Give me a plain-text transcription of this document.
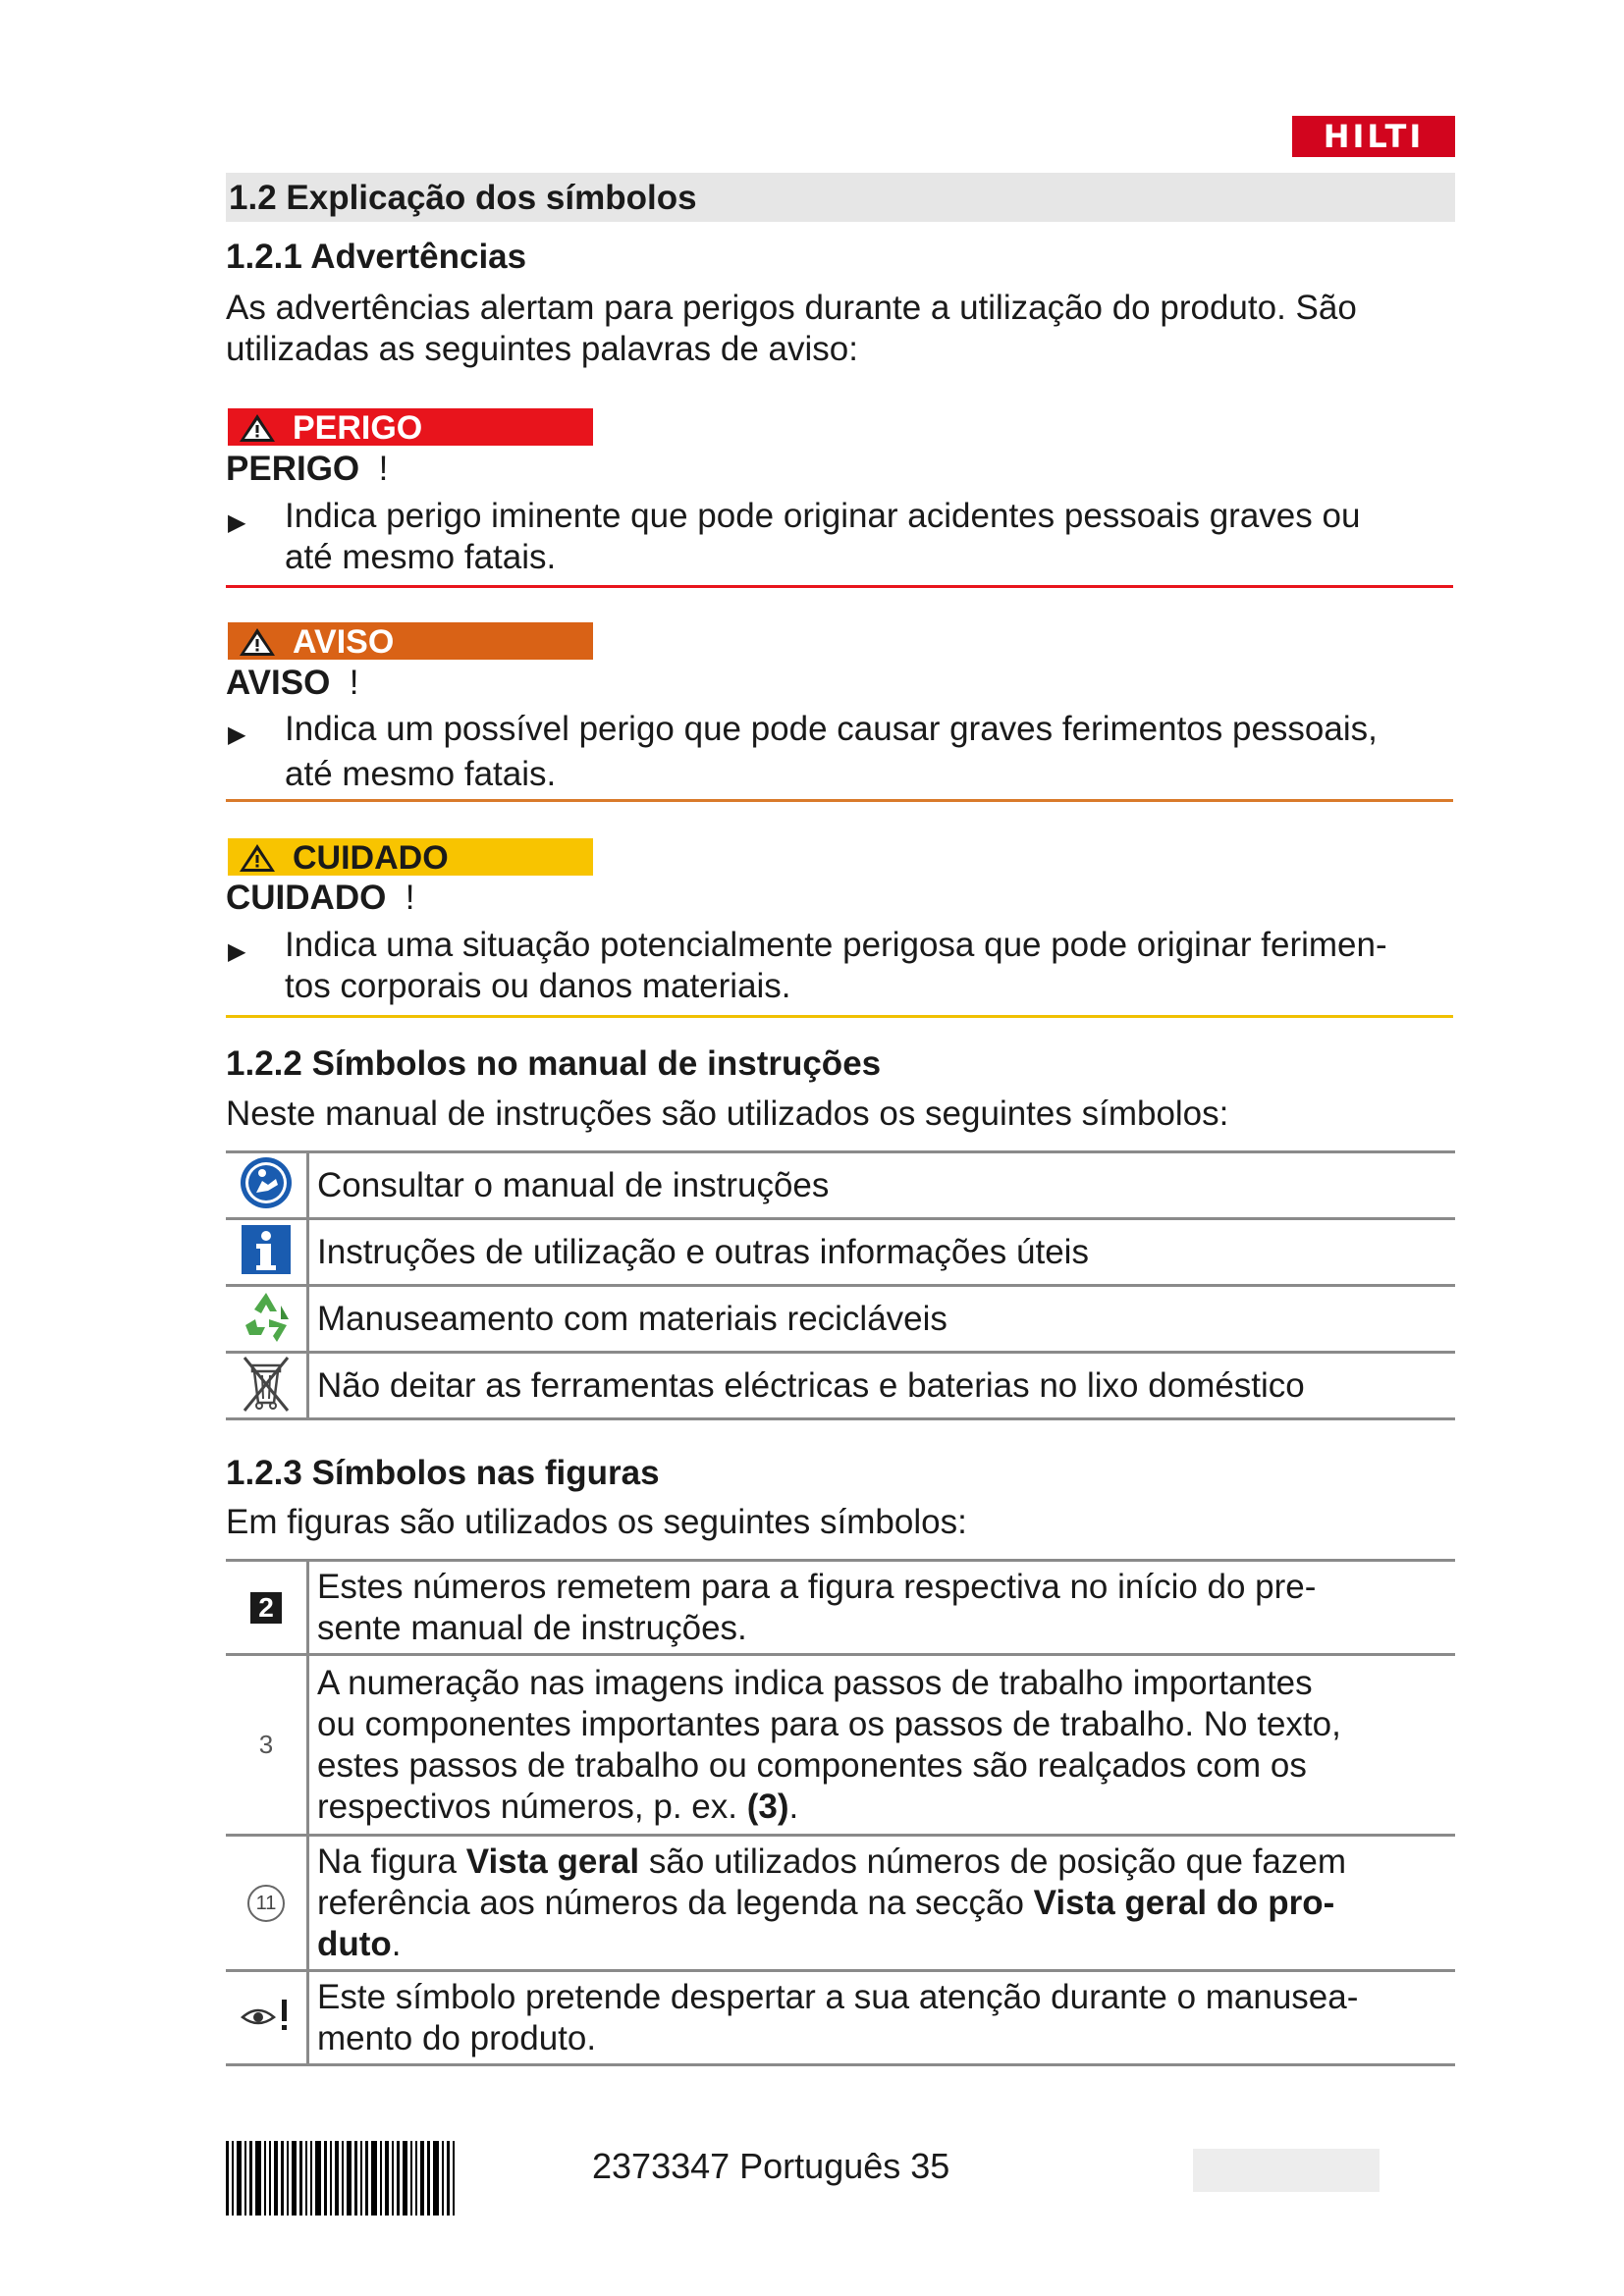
HILTI
1.2 Explicação dos símbolos
1.2.1 Advertências
As advertências alertam para perigos durante a utilização do produto. São
utilizadas as seguintes palavras de aviso:
PERIGO
PERIGO !
▶ Indica perigo iminente que pode originar acidentes pessoais graves ou
até mesmo fatais.
AVISO
AVISO !
▶ Indica um possível perigo que pode causar graves ferimentos pessoais,
até mesmo fatais.
CUIDADO
CUIDADO !
▶ Indica uma situação potencialmente perigosa que pode originar ferimen-
tos corporais ou danos materiais.
1.2.2 Símbolos no manual de instruções
Neste manual de instruções são utilizados os seguintes símbolos:
	Consultar o manual de instruções
	Instruções de utilização e outras informações úteis
	Manuseamento com materiais recicláveis
	Não deitar as ferramentas eléctricas e baterias no lixo doméstico
1.2.3 Símbolos nas figuras
Em figuras são utilizados os seguintes símbolos:
2	Estes números remetem para a figura respectiva no início do pre-
sente manual de instruções.

3	A numeração nas imagens indica passos de trabalho importantes
ou componentes importantes para os passos de trabalho. No texto,
estes passos de trabalho ou componentes são realçados com os
respectivos números, p. ex. (3).

11	Na figura Vista geral são utilizados números de posição que fazem
referência aos números da legenda na secção Vista geral do pro-
duto.

Este símbolo pretende despertar a sua atenção durante o manusea-
mento do produto.
2373347 Português 35
